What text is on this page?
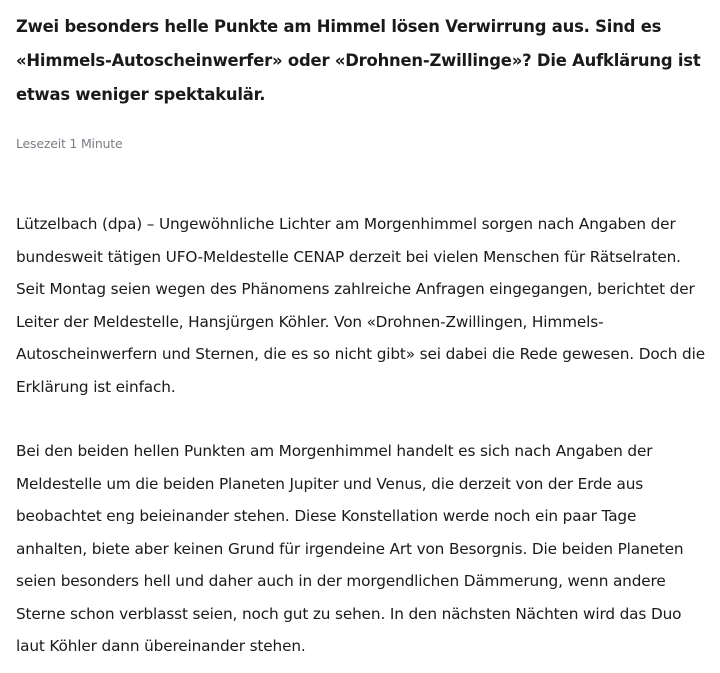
Zwei besonders helle Punkte am Himmel lösen Verwirrung aus. Sind es «Himmels-Autoscheinwerfer» oder «Drohnen-Zwillinge»? Die Aufklärung ist etwas weniger spektakulär.

Lesezeit 1 Minute

Lützelbach (dpa) – Ungewöhnliche Lichter am Morgenhimmel sorgen nach Angaben der bundesweit tätigen UFO-Meldestelle CENAP derzeit bei vielen Menschen für Rätselraten. Seit Montag seien wegen des Phänomens zahlreiche Anfragen eingegangen, berichtet der Leiter der Meldestelle, Hansjürgen Köhler. Von «Drohnen-Zwillingen, Himmels-Autoscheinwerfern und Sternen, die es so nicht gibt» sei dabei die Rede gewesen. Doch die Erklärung ist einfach.

Bei den beiden hellen Punkten am Morgenhimmel handelt es sich nach Angaben der Meldestelle um die beiden Planeten Jupiter und Venus, die derzeit von der Erde aus beobachtet eng beieinander stehen. Diese Konstellation werde noch ein paar Tage anhalten, biete aber keinen Grund für irgendeine Art von Besorgnis. Die beiden Planeten seien besonders hell und daher auch in der morgendlichen Dämmerung, wenn andere Sterne schon verblasst seien, noch gut zu sehen. In den nächsten Nächten wird das Duo laut Köhler dann übereinander stehen.
